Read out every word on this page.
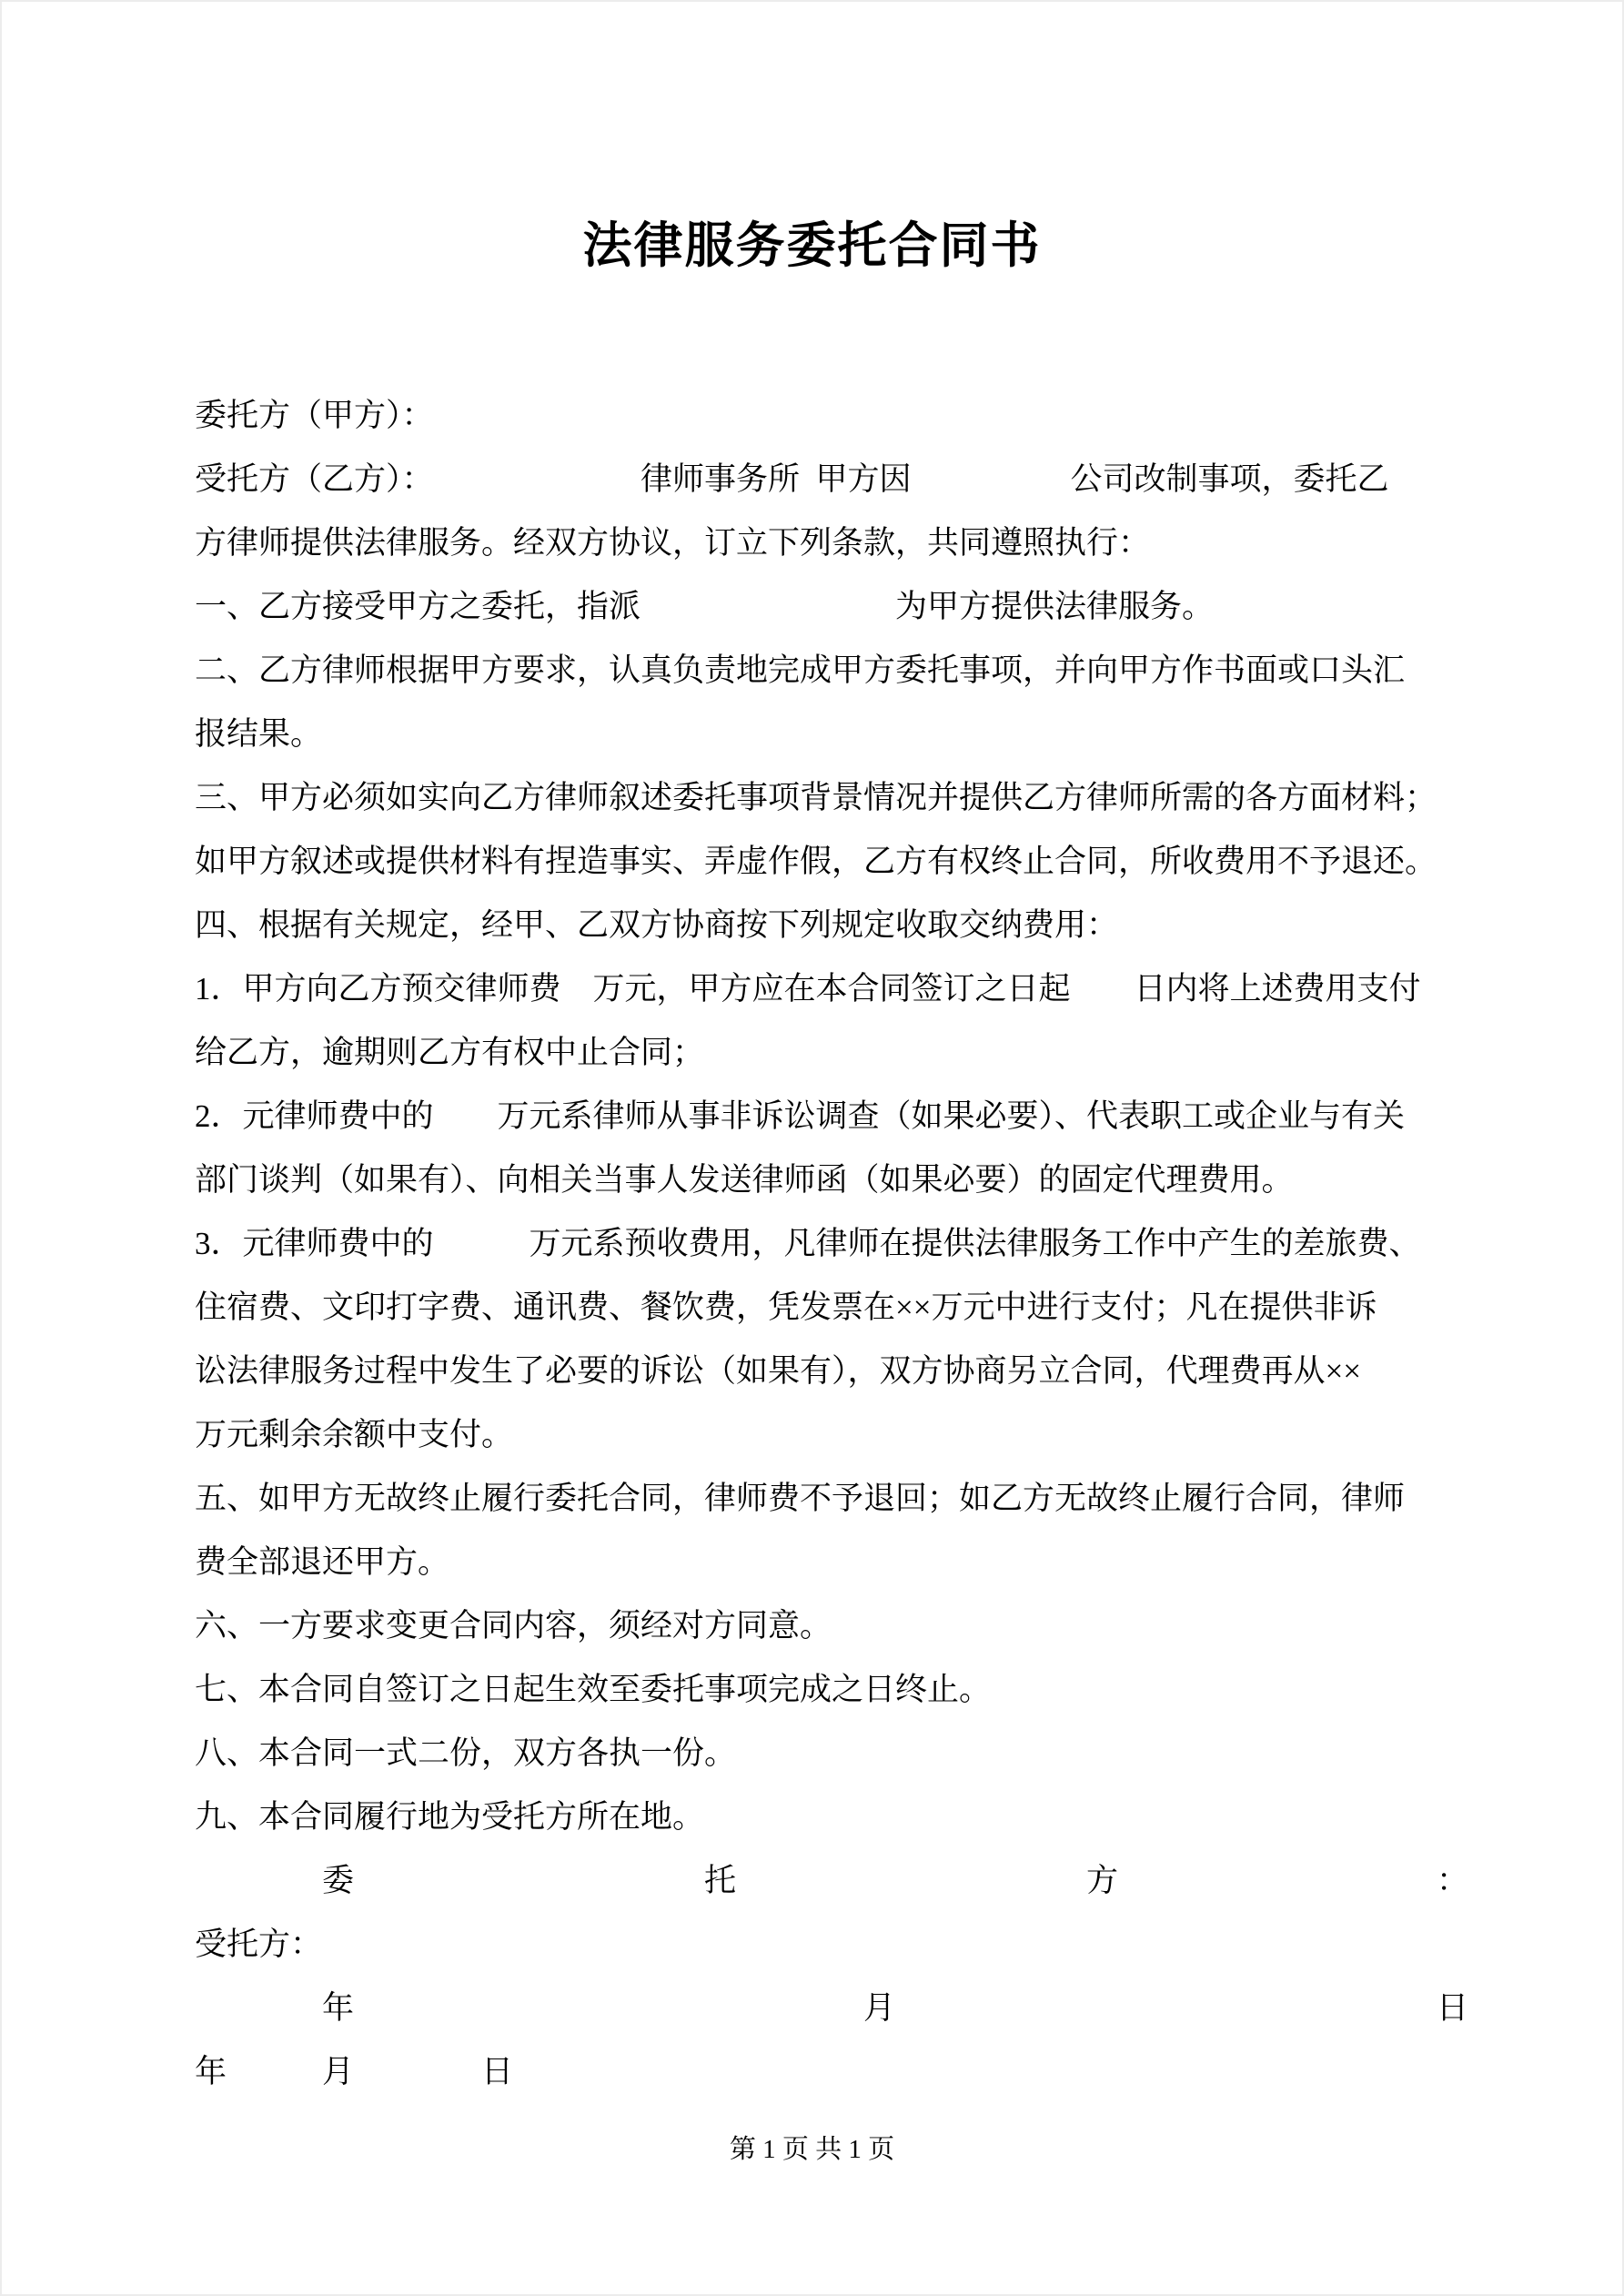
法律服务委托合同书
委托方（甲方）：
受托方（乙方）：　　　　　　　律师事务所  甲方因　　　　　公司改制事项，委托乙
方律师提供法律服务。经双方协议，订立下列条款，共同遵照执行：
一、乙方接受甲方之委托，指派　　　　　　　　为甲方提供法律服务。
二、乙方律师根据甲方要求，认真负责地完成甲方委托事项，并向甲方作书面或口头汇
报结果。
三、甲方必须如实向乙方律师叙述委托事项背景情况并提供乙方律师所需的各方面材料；
如甲方叙述或提供材料有捏造事实、弄虚作假，乙方有权终止合同，所收费用不予退还。
四、根据有关规定，经甲、乙双方协商按下列规定收取交纳费用：
1．甲方向乙方预交律师费　万元，甲方应在本合同签订之日起　　日内将上述费用支付
给乙方，逾期则乙方有权中止合同；
2．元律师费中的　　万元系律师从事非诉讼调查（如果必要）、代表职工或企业与有关
部门谈判（如果有）、向相关当事人发送律师函（如果必要）的固定代理费用。
3．元律师费中的　　　万元系预收费用，凡律师在提供法律服务工作中产生的差旅费、
住宿费、文印打字费、通讯费、餐饮费，凭发票在××万元中进行支付；凡在提供非诉
讼法律服务过程中发生了必要的诉讼（如果有），双方协商另立合同，代理费再从××
万元剩余余额中支付。
五、如甲方无故终止履行委托合同，律师费不予退回；如乙方无故终止履行合同，律师
费全部退还甲方。
六、一方要求变更合同内容，须经对方同意。
七、本合同自签订之日起生效至委托事项完成之日终止。
八、本合同一式二份，双方各执一份。
九、本合同履行地为受托方所在地。
　　　　委　　　　　　　　　　　托　　　　　　　　　　　方　　　　　　　　　　：
受托方：
　　　　年　　　　　　　　　　　　　　　　月　　　　　　　　　　　　　　　　　日
年　　　月　　　　日
第 1 页 共 1 页
